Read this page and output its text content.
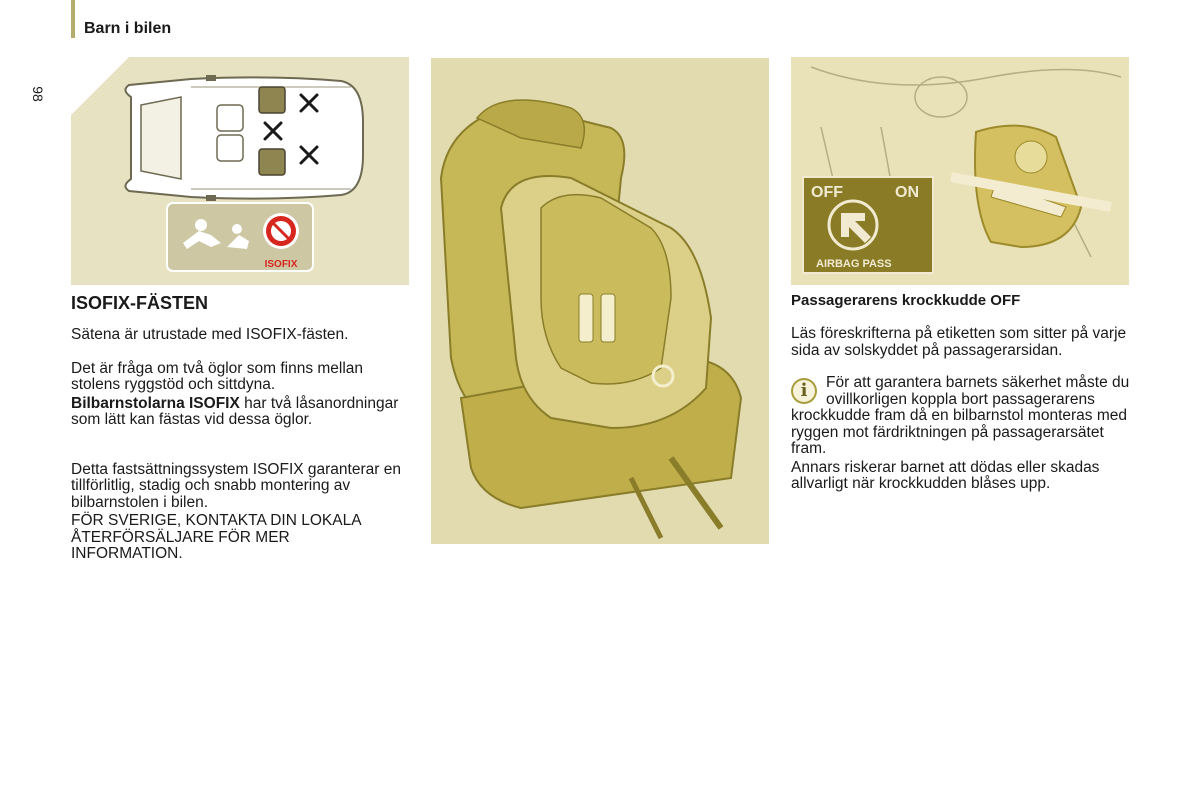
Barn i bilen
98
ISOFIX
OFF	ON
AIRBAG PASS

ISOFIX-FÄSTEN

Sätena är utrustade med ISOFIX-fästen.

Det är fråga om två öglor som finns mellan stolens ryggstöd och sittdyna.

Bilbarnstolarna ISOFIX har två låsanordningar som lätt kan fästas vid dessa öglor.

Detta fastsättningssystem ISOFIX garanterar en tillförlitlig, stadig och snabb montering av bilbarnstolen i bilen.

FÖR SVERIGE, KONTAKTA DIN LOKALA ÅTERFÖRSÄLJARE FÖR MER INFORMATION.

Passagerarens krockkudde OFF

Läs föreskrifterna på etiketten som sitter på varje sida av solskyddet på passagerarsidan.

i	För att garantera barnets säkerhet måste du ovillkorligen koppla bort passagerarens krockkudde fram då en bilbarnstol monteras med ryggen mot färdriktningen på passagerarsätet fram.

Annars riskerar barnet att dödas eller skadas allvarligt när krockkudden blåses upp.
